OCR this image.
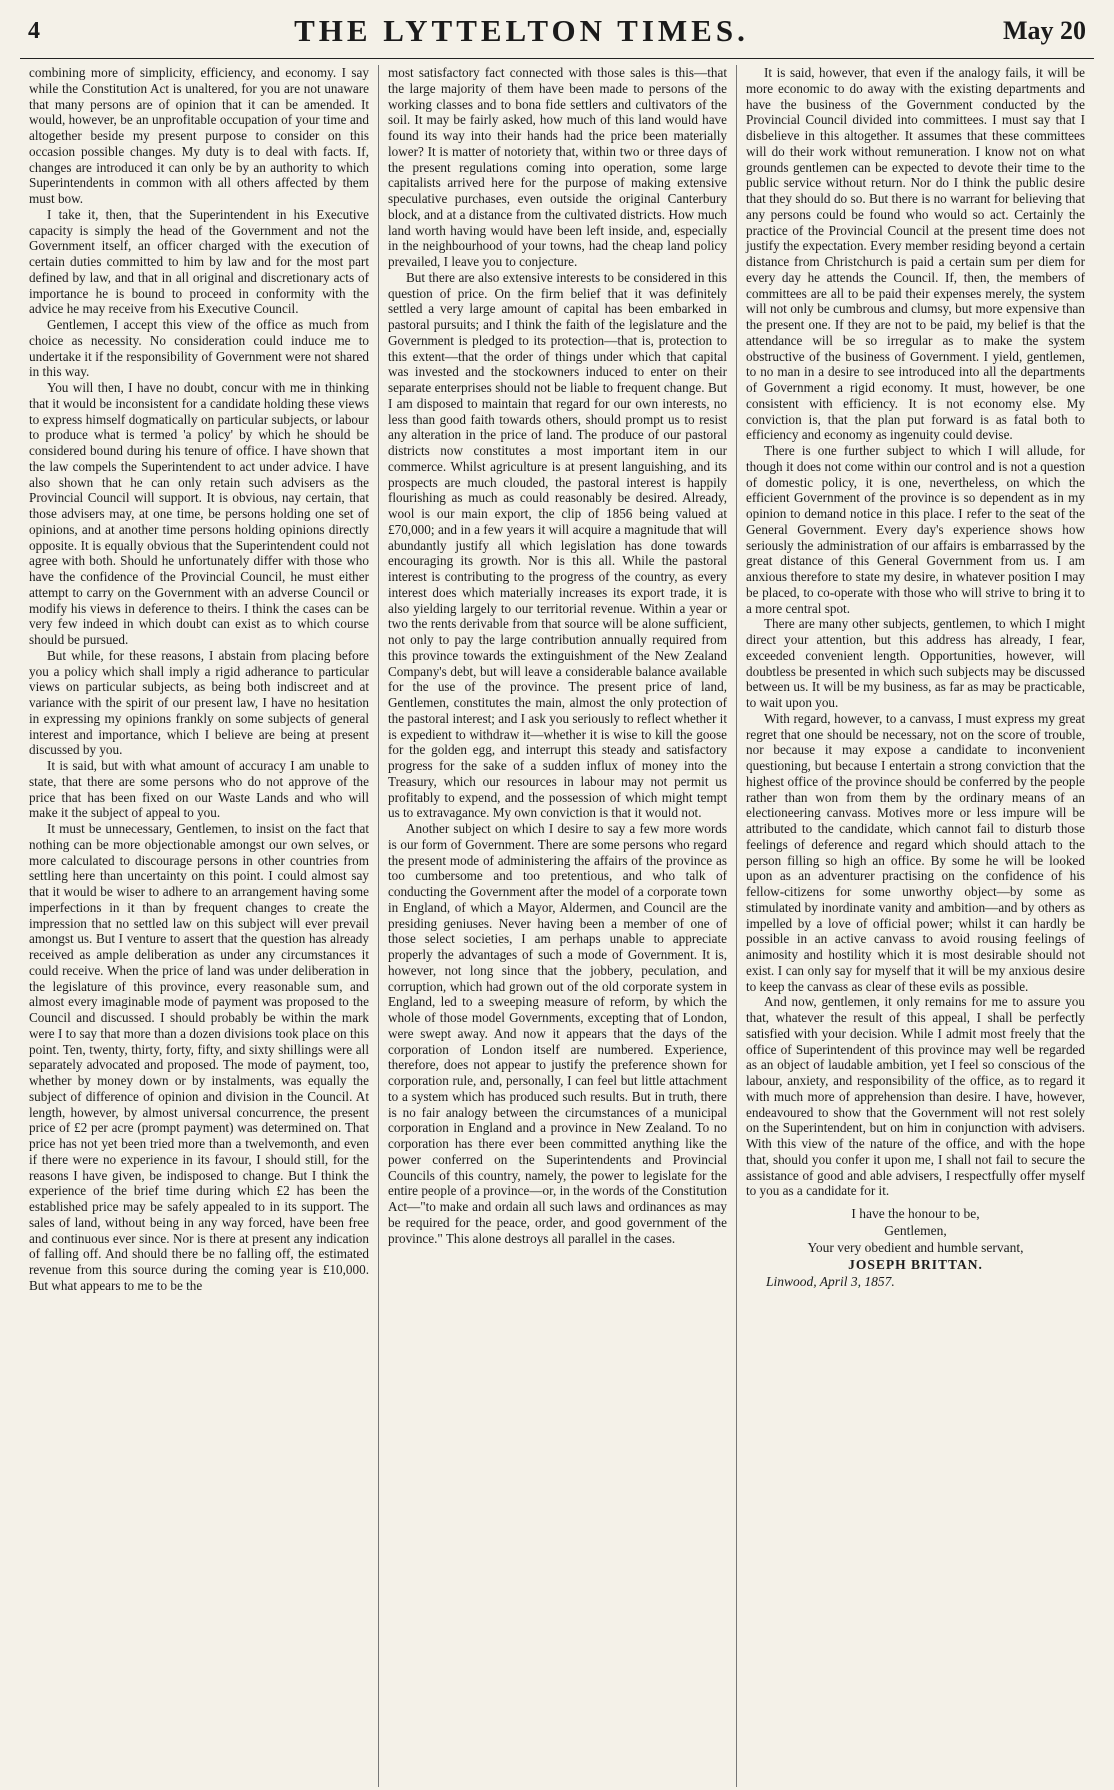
4	THE LYTTELTON TIMES.	May 20

combining more of simplicity, efficiency, and economy. I say while the Constitution Act is unaltered, for you are not unaware that many persons are of opinion that it can be amended. It would, however, be an unprofitable occupation of your time and altogether beside my present purpose to consider on this occasion possible changes. My duty is to deal with facts. If, changes are introduced it can only be by an authority to which Superintendents in common with all others affected by them must bow.

I take it, then, that the Superintendent in his Executive capacity is simply the head of the Government and not the Government itself, an officer charged with the execution of certain duties committed to him by law and for the most part defined by law, and that in all original and discretionary acts of importance he is bound to proceed in conformity with the advice he may receive from his Executive Council.

Gentlemen, I accept this view of the office as much from choice as necessity. No consideration could induce me to undertake it if the responsibility of Government were not shared in this way.

You will then, I have no doubt, concur with me in thinking that it would be inconsistent for a candidate holding these views to express himself dogmatically on particular subjects, or labour to produce what is termed 'a policy' by which he should be considered bound during his tenure of office. I have shown that the law compels the Superintendent to act under advice. I have also shown that he can only retain such advisers as the Provincial Council will support. It is obvious, nay certain, that those advisers may, at one time, be persons holding one set of opinions, and at another time persons holding opinions directly opposite. It is equally obvious that the Superintendent could not agree with both. Should he unfortunately differ with those who have the confidence of the Provincial Council, he must either attempt to carry on the Government with an adverse Council or modify his views in deference to theirs. I think the cases can be very few indeed in which doubt can exist as to which course should be pursued.

But while, for these reasons, I abstain from placing before you a policy which shall imply a rigid adherance to particular views on particular subjects, as being both indiscreet and at variance with the spirit of our present law, I have no hesitation in expressing my opinions frankly on some subjects of general interest and importance, which I believe are being at present discussed by you.

It is said, but with what amount of accuracy I am unable to state, that there are some persons who do not approve of the price that has been fixed on our Waste Lands and who will make it the subject of appeal to you.

It must be unnecessary, Gentlemen, to insist on the fact that nothing can be more objectionable amongst our own selves, or more calculated to discourage persons in other countries from settling here than uncertainty on this point. I could almost say that it would be wiser to adhere to an arrangement having some imperfections in it than by frequent changes to create the impression that no settled law on this subject will ever prevail amongst us. But I venture to assert that the question has already received as ample deliberation as under any circumstances it could receive. When the price of land was under deliberation in the legislature of this province, every reasonable sum, and almost every imaginable mode of payment was proposed to the Council and discussed. I should probably be within the mark were I to say that more than a dozen divisions took place on this point. Ten, twenty, thirty, forty, fifty, and sixty shillings were all separately advocated and proposed. The mode of payment, too, whether by money down or by instalments, was equally the subject of difference of opinion and division in the Council. At length, however, by almost universal concurrence, the present price of £2 per acre (prompt payment) was determined on. That price has not yet been tried more than a twelvemonth, and even if there were no experience in its favour, I should still, for the reasons I have given, be indisposed to change. But I think the experience of the brief time during which £2 has been the established price may be safely appealed to in its support. The sales of land, without being in any way forced, have been free and continuous ever since. Nor is there at present any indication of falling off. And should there be no falling off, the estimated revenue from this source during the coming year is £10,000. But what appears to me to be the

most satisfactory fact connected with those sales is this—that the large majority of them have been made to persons of the working classes and to bona fide settlers and cultivators of the soil. It may be fairly asked, how much of this land would have found its way into their hands had the price been materially lower? It is matter of notoriety that, within two or three days of the present regulations coming into operation, some large capitalists arrived here for the purpose of making extensive speculative purchases, even outside the original Canterbury block, and at a distance from the cultivated districts. How much land worth having would have been left inside, and, especially in the neighbourhood of your towns, had the cheap land policy prevailed, I leave you to conjecture.

But there are also extensive interests to be considered in this question of price. On the firm belief that it was definitely settled a very large amount of capital has been embarked in pastoral pursuits; and I think the faith of the legislature and the Government is pledged to its protection—that is, protection to this extent—that the order of things under which that capital was invested and the stockowners induced to enter on their separate enterprises should not be liable to frequent change. But I am disposed to maintain that regard for our own interests, no less than good faith towards others, should prompt us to resist any alteration in the price of land. The produce of our pastoral districts now constitutes a most important item in our commerce. Whilst agriculture is at present languishing, and its prospects are much clouded, the pastoral interest is happily flourishing as much as could reasonably be desired. Already, wool is our main export, the clip of 1856 being valued at £70,000; and in a few years it will acquire a magnitude that will abundantly justify all which legislation has done towards encouraging its growth. Nor is this all. While the pastoral interest is contributing to the progress of the country, as every interest does which materially increases its export trade, it is also yielding largely to our territorial revenue. Within a year or two the rents derivable from that source will be alone sufficient, not only to pay the large contribution annually required from this province towards the extinguishment of the New Zealand Company's debt, but will leave a considerable balance available for the use of the province. The present price of land, Gentlemen, constitutes the main, almost the only protection of the pastoral interest; and I ask you seriously to reflect whether it is expedient to withdraw it—whether it is wise to kill the goose for the golden egg, and interrupt this steady and satisfactory progress for the sake of a sudden influx of money into the Treasury, which our resources in labour may not permit us profitably to expend, and the possession of which might tempt us to extravagance. My own conviction is that it would not.

Another subject on which I desire to say a few more words is our form of Government. There are some persons who regard the present mode of administering the affairs of the province as too cumbersome and too pretentious, and who talk of conducting the Government after the model of a corporate town in England, of which a Mayor, Aldermen, and Council are the presiding geniuses. Never having been a member of one of those select societies, I am perhaps unable to appreciate properly the advantages of such a mode of Government. It is, however, not long since that the jobbery, peculation, and corruption, which had grown out of the old corporate system in England, led to a sweeping measure of reform, by which the whole of those model Governments, excepting that of London, were swept away. And now it appears that the days of the corporation of London itself are numbered. Experience, therefore, does not appear to justify the preference shown for corporation rule, and, personally, I can feel but little attachment to a system which has produced such results. But in truth, there is no fair analogy between the circumstances of a municipal corporation in England and a province in New Zealand. To no corporation has there ever been committed anything like the power conferred on the Superintendents and Provincial Councils of this country, namely, the power to legislate for the entire people of a province—or, in the words of the Constitution Act—"to make and ordain all such laws and ordinances as may be required for the peace, order, and good government of the province." This alone destroys all parallel in the cases.

It is said, however, that even if the analogy fails, it will be more economic to do away with the existing departments and have the business of the Government conducted by the Provincial Council divided into committees. I must say that I disbelieve in this altogether. It assumes that these committees will do their work without remuneration. I know not on what grounds gentlemen can be expected to devote their time to the public service without return. Nor do I think the public desire that they should do so. But there is no warrant for believing that any persons could be found who would so act. Certainly the practice of the Provincial Council at the present time does not justify the expectation. Every member residing beyond a certain distance from Christchurch is paid a certain sum per diem for every day he attends the Council. If, then, the members of committees are all to be paid their expenses merely, the system will not only be cumbrous and clumsy, but more expensive than the present one. If they are not to be paid, my belief is that the attendance will be so irregular as to make the system obstructive of the business of Government. I yield, gentlemen, to no man in a desire to see introduced into all the departments of Government a rigid economy. It must, however, be one consistent with efficiency. It is not economy else. My conviction is, that the plan put forward is as fatal both to efficiency and economy as ingenuity could devise.

There is one further subject to which I will allude, for though it does not come within our control and is not a question of domestic policy, it is one, nevertheless, on which the efficient Government of the province is so dependent as in my opinion to demand notice in this place. I refer to the seat of the General Government. Every day's experience shows how seriously the administration of our affairs is embarrassed by the great distance of this General Government from us. I am anxious therefore to state my desire, in whatever position I may be placed, to co-operate with those who will strive to bring it to a more central spot.

There are many other subjects, gentlemen, to which I might direct your attention, but this address has already, I fear, exceeded convenient length. Opportunities, however, will doubtless be presented in which such subjects may be discussed between us. It will be my business, as far as may be practicable, to wait upon you.

With regard, however, to a canvass, I must express my great regret that one should be necessary, not on the score of trouble, nor because it may expose a candidate to inconvenient questioning, but because I entertain a strong conviction that the highest office of the province should be conferred by the people rather than won from them by the ordinary means of an electioneering canvass. Motives more or less impure will be attributed to the candidate, which cannot fail to disturb those feelings of deference and regard which should attach to the person filling so high an office. By some he will be looked upon as an adventurer practising on the confidence of his fellow-citizens for some unworthy object—by some as stimulated by inordinate vanity and ambition—and by others as impelled by a love of official power; whilst it can hardly be possible in an active canvass to avoid rousing feelings of animosity and hostility which it is most desirable should not exist. I can only say for myself that it will be my anxious desire to keep the canvass as clear of these evils as possible.

And now, gentlemen, it only remains for me to assure you that, whatever the result of this appeal, I shall be perfectly satisfied with your decision. While I admit most freely that the office of Superintendent of this province may well be regarded as an object of laudable ambition, yet I feel so conscious of the labour, anxiety, and responsibility of the office, as to regard it with much more of apprehension than desire. I have, however, endeavoured to show that the Government will not rest solely on the Superintendent, but on him in conjunction with advisers. With this view of the nature of the office, and with the hope that, should you confer it upon me, I shall not fail to secure the assistance of good and able advisers, I respectfully offer myself to you as a candidate for it.

I have the honour to be,
Gentlemen,
Your very obedient and humble servant,
JOSEPH BRITTAN.
Linwood, April 3, 1857.
